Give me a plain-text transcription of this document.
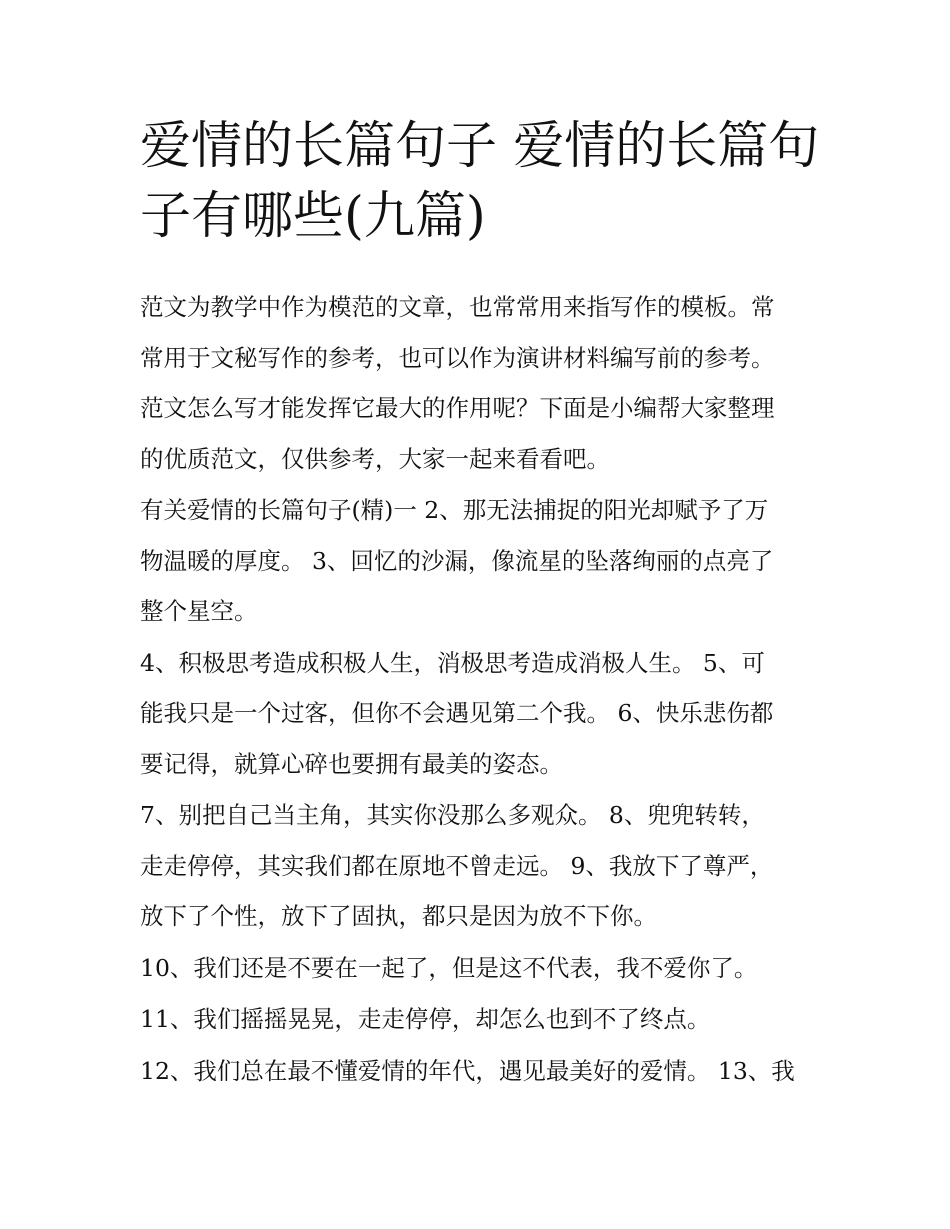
爱情的长篇句子 爱情的长篇句
子有哪些(九篇)

范文为教学中作为模范的文章，也常常用来指写作的模板。常
常用于文秘写作的参考，也可以作为演讲材料编写前的参考。
范文怎么写才能发挥它最大的作用呢？下面是小编帮大家整理
的优质范文，仅供参考，大家一起来看看吧。

有关爱情的长篇句子(精)一 2、那无法捕捉的阳光却赋予了万
物温暖的厚度。 3、回忆的沙漏，像流星的坠落绚丽的点亮了
整个星空。

4、积极思考造成积极人生，消极思考造成消极人生。 5、可
能我只是一个过客，但你不会遇见第二个我。 6、快乐悲伤都
要记得，就算心碎也要拥有最美的姿态。

7、别把自己当主角，其实你没那么多观众。 8、兜兜转转，
走走停停，其实我们都在原地不曾走远。 9、我放下了尊严，
放下了个性，放下了固执，都只是因为放不下你。

10、我们还是不要在一起了，但是这不代表，我不爱你了。

11、我们摇摇晃晃，走走停停，却怎么也到不了终点。

12、我们总在最不懂爱情的年代，遇见最美好的爱情。 13、我
